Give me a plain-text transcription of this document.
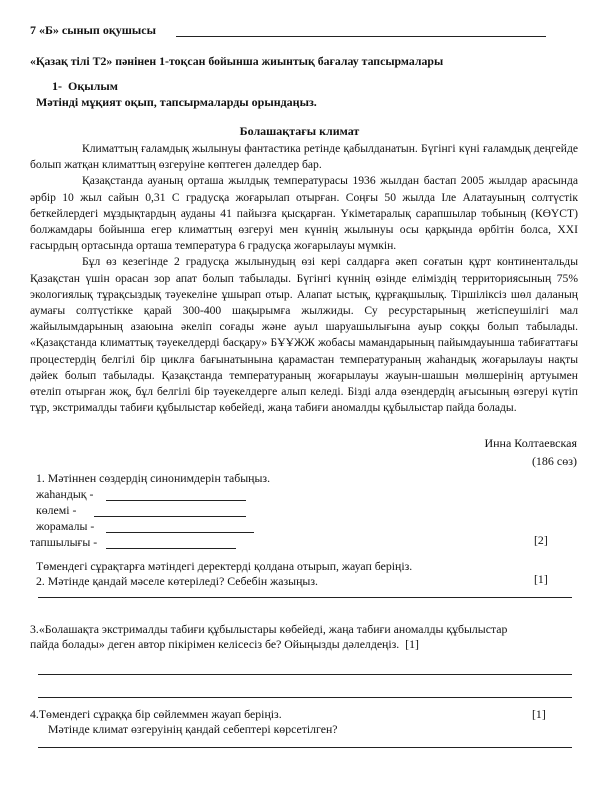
7 «Б» сынып оқушысы
«Қазақ тілі Т2» пәнінен 1-тоқсан бойынша жиынтық бағалау тапсырмалары
1- Оқылым
Мәтінді мұқият оқып, тапсырмаларды орындаңыз.
Болашақтағы климат

Климаттың ғаламдық жылынуы фантастика ретінде қабылданатын. Бүгінгі күні ғаламдық деңгейде болып жатқан климаттың өзгеруіне көптеген дәлелдер бар.

Қазақстанда ауаның орташа жылдық температурасы 1936 жылдан бастап 2005 жылдар арасында әрбір 10 жыл сайын 0,31 С градусқа жоғарылап отырған. Соңғы 50 жылда Іле Алатауының солтүстік беткейлердегі мұздықтардың ауданы 41 пайызға қысқарған. Үкіметаралық сарапшылар тобының (КӨҮСТ) болжамдары бойынша егер климаттың өзгеруі мен күннің жылынуы осы қарқында өрбітін болса, XXI ғасырдың ортасында орташа температура 6 градусқа жоғарылауы мүмкін.

Бұл өз кезегінде 2 градусқа жылынудың өзі кері салдарға әкеп соғатын құрт континентальды Қазақстан үшін орасан зор апат болып табылады. Бүгінгі күннің өзінде еліміздің территориясының 75% экологиялық тұрақсыздық тәуекеліне ұшырап отыр. Алапат ыстық, құрғақшылық. Тіршіліксіз шөл даланың аумағы солтүстікке қарай 300-400 шақырымға жылжиды. Су ресурстарының жетіспеушілігі мал жайылымдарының азаюына әкеліп соғады және ауыл шаруашылығына ауыр соққы болып табылады. «Қазақстанда климаттық тәуекелдерді басқару» БҰҰЖЖ жобасы мамандарының пайымдауынша табиғаттағы процестердің белгілі бір циклға бағынатынына қарамастан температураның жаһандық жоғарылауы нақты дәйек болып табылады. Қазақстанда температураның жоғарылауы жауын-шашын мөлшерінің артуымен өтеліп отырған жоқ, бұл белгілі бір тәуекелдерге алып келеді. Бізді алда өзендердің ағысының өзгеруі күтіп тұр, экстрималды табиғи құбылыстар көбейеді, жаңа табиғи аномалды құбылыстар пайда болады.

Инна Колтаевская
(186 сөз)
1. Мәтіннен сөздердің синонимдерін табыңыз.
жаһандық -
көлемі -
жорамалы -
тапшылығы -	[2]
Төмендегі сұрақтарға мәтіндегі деректерді қолдана отырып, жауап беріңіз.
2. Мәтінде қандай мәселе көтеріледі? Себебін жазыңыз.	[1]
3.«Болашақта экстрималды табиғи құбылыстары көбейеді, жаңа табиғи аномалды құбылыстар
пайда болады» деген автор пікірімен келісесіз бе? Ойыңызды дәлелдеңіз. [1]
4.Төмендегі сұраққа бір сөйлеммен жауап беріңіз.	[1]
Мәтінде климат өзгеруінің қандай себептері көрсетілген?
